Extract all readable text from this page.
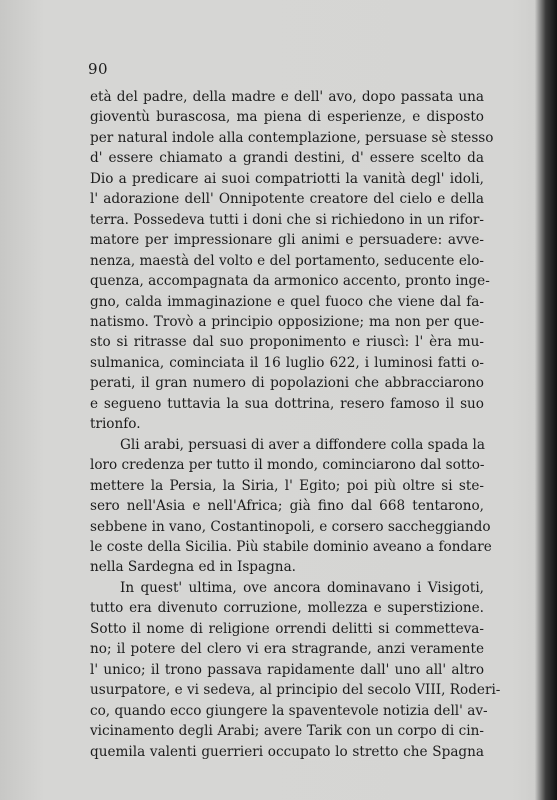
90
età del padre, della madre e dell' avo, dopo passata una
gioventù burascosa, ma piena di esperienze, e disposto
per natural indole alla contemplazione, persuase sè stesso
d' essere chiamato a grandi destini, d' essere scelto da
Dio a predicare ai suoi compatriotti la vanità degl' idoli,
l' adorazione dell' Onnipotente creatore del cielo e della
terra. Possedeva tutti i doni che si richiedono in un rifor-
matore per impressionare gli animi e persuadere: avve-
nenza, maestà del volto e del portamento, seducente elo-
quenza, accompagnata da armonico accento, pronto inge-
gno, calda immaginazione e quel fuoco che viene dal fa-
natismo. Trovò a principio opposizione; ma non per que-
sto si ritrasse dal suo proponimento e riuscì: l' èra mu-
sulmanica, cominciata il 16 luglio 622, i luminosi fatti o-
perati, il gran numero di popolazioni che abbracciarono
e segueno tuttavia la sua dottrina, resero famoso il suo
trionfo.
Gli arabi, persuasi di aver a diffondere colla spada la
loro credenza per tutto il mondo, cominciarono dal sotto-
mettere la Persia, la Siria, l' Egito; poi più oltre si ste-
sero nell'Asia e nell'Africa; già fino dal 668 tentarono,
sebbene in vano, Costantinopoli, e corsero saccheggiando
le coste della Sicilia. Più stabile dominio aveano a fondare
nella Sardegna ed in Ispagna.
In quest' ultima, ove ancora dominavano i Visigoti,
tutto era divenuto corruzione, mollezza e superstizione.
Sotto il nome di religione orrendi delitti si commetteva-
no; il potere del clero vi era stragrande, anzi veramente
l' unico; il trono passava rapidamente dall' uno all' altro
usurpatore, e vi sedeva, al principio del secolo VIII, Roderi-
co, quando ecco giungere la spaventevole notizia dell' av-
vicinamento degli Arabi; avere Tarik con un corpo di cin-
quemila valenti guerrieri occupato lo stretto che Spagna
